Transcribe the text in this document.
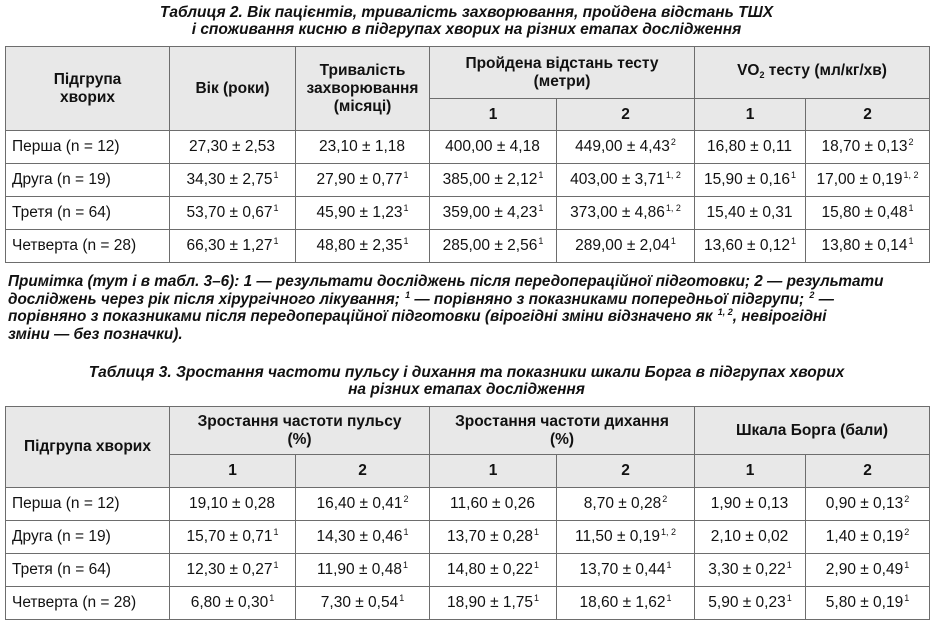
Таблиця 2. Вік пацієнтів, тривалість захворювання, пройдена відстань ТШХ
і споживання кисню в підгрупах хворих на різних етапах дослідження
Підгрупа хворих	Вік (роки)	Тривалість захворювання (місяці)	Пройдена відстань тесту (метри)		$VO_2$ тесту (мл/кг/хв)	
			1	2	1	2
Перша (n = 12)	27,30 ± 2,53	23,10 ± 1,18	400,00 ± 4,18	$449,00 \pm 4,43^2$	16,80 ± 0,11	$18,70 \pm 0,13^2$
Друга (n = 19)	$34,30 \pm 2,75^1$	$27,90 \pm 0,77^1$	$385,00 \pm 2,12^1$	$403,00 \pm 3,71^{1, 2}$	$15,90 \pm 0,16^1$	$17,00 \pm 0,19^{1, 2}$
Третя (n = 64)	$53,70 \pm 0,67^1$	$45,90 \pm 1,23^1$	$359,00 \pm 4,23^1$	$373,00 \pm 4,86^{1, 2}$	15,40 ± 0,31	$15,80 \pm 0,48^1$
Четверта (n = 28)	$66,30 \pm 1,27^1$	$48,80 \pm 2,35^1$	$285,00 \pm 2,56^1$	$289,00 \pm 2,04^1$	$13,60 \pm 0,12^1$	$13,80 \pm 0,14^1$
Примітка (тут і в табл. 3–6): 1 — результати досліджень після передопераційної підготовки; 2 — результати
досліджень через рік після хірургічного лікування; $^1$ — порівняно з показниками попередньої підгрупи; $^2$ —
порівняно з показниками після передопераційної підготовки (вірогідні зміни відзначено як $^{1, 2}$, невірогідні
зміни — без позначки).
Таблиця 3. Зростання частоти пульсу і дихання та показники шкали Борга в підгрупах хворих
на різних етапах дослідження
Підгрупа хворих	Зростання частоти пульсу (%)		Зростання частоти дихання (%)		Шкала Борга (бали)	
	1	2	1	2	1	2
Перша (n = 12)	19,10 ± 0,28	$16,40 \pm 0,41^2$	11,60 ± 0,26	$8,70 \pm 0,28^2$	1,90 ± 0,13	$0,90 \pm 0,13^2$
Друга (n = 19)	$15,70 \pm 0,71^1$	$14,30 \pm 0,46^1$	$13,70 \pm 0,28^1$	$11,50 \pm 0,19^{1, 2}$	2,10 ± 0,02	$1,40 \pm 0,19^2$
Третя (n = 64)	$12,30 \pm 0,27^1$	$11,90 \pm 0,48^1$	$14,80 \pm 0,22^1$	$13,70 \pm 0,44^1$	$3,30 \pm 0,22^1$	$2,90 \pm 0,49^1$
Четверта (n = 28)	$6,80 \pm 0,30^1$	$7,30 \pm 0,54^1$	$18,90 \pm 1,75^1$	$18,60 \pm 1,62^1$	$5,90 \pm 0,23^1$	$5,80 \pm 0,19^1$
